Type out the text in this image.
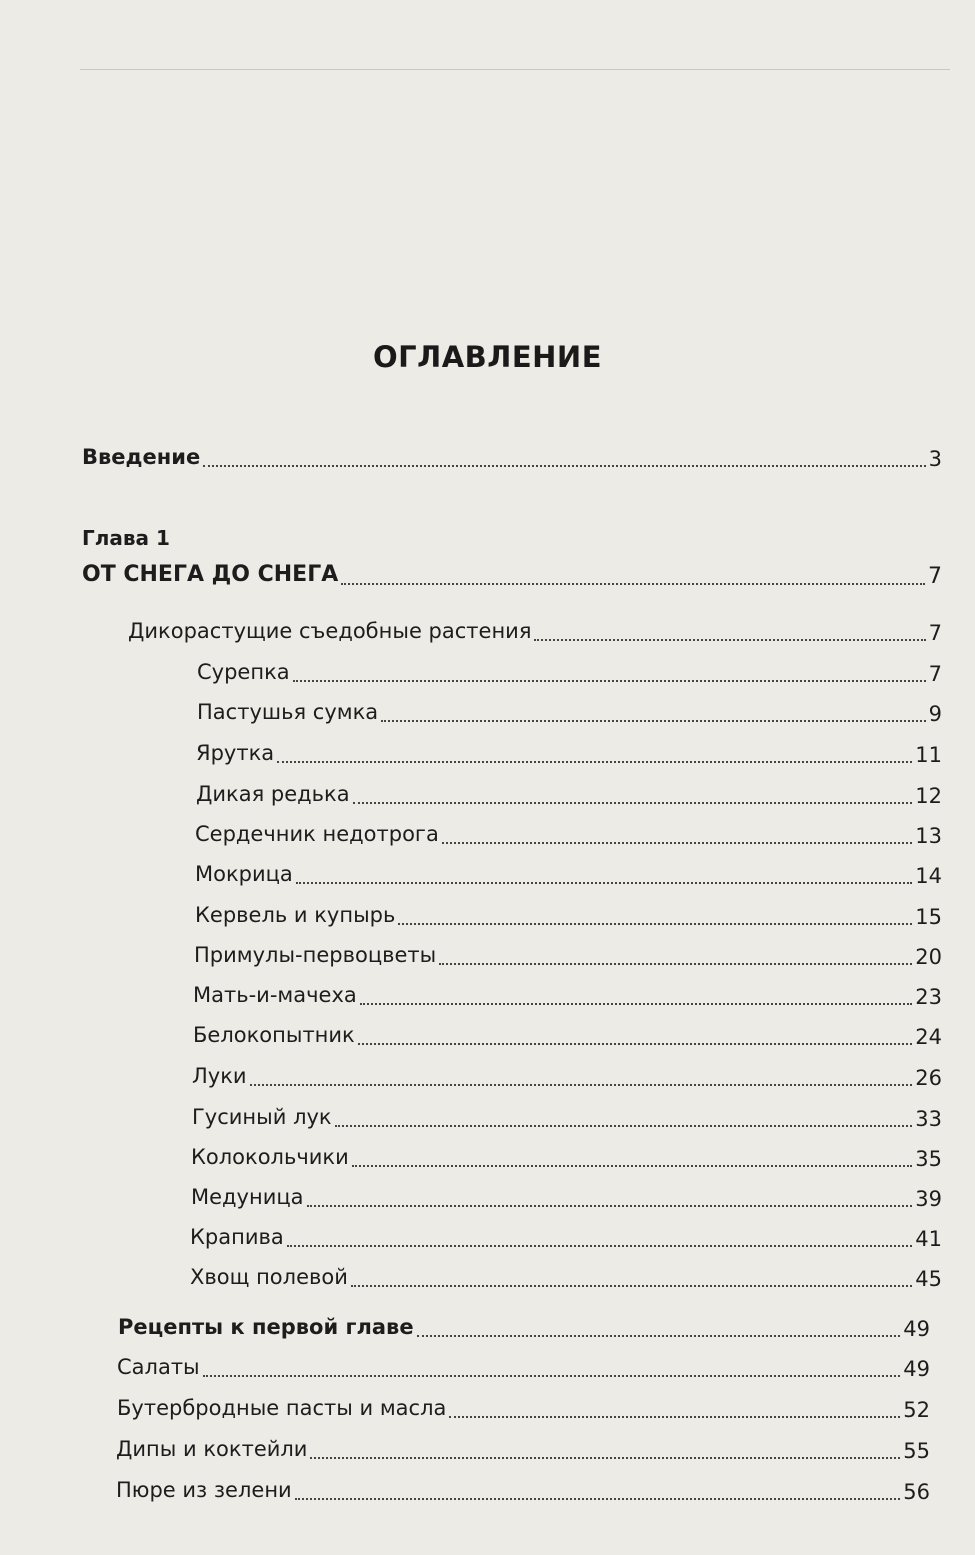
ОГЛАВЛЕНИЕ
Введение	3
Глава 1
ОТ СНЕГА ДО СНЕГА	7
Дикорастущие съедобные растения	7
Сурепка	7
Пастушья сумка	9
Ярутка	11
Дикая редька	12
Сердечник недотрога	13
Мокрица	14
Кервель и купырь	15
Примулы-первоцветы	20
Мать-и-мачеха	23
Белокопытник	24
Луки	26
Гусиный лук	33
Колокольчики	35
Медуница	39
Крапива	41
Хвощ полевой	45
Рецепты к первой главе	49
Салаты	49
Бутербродные пасты и масла	52
Дипы и коктейли	55
Пюре из зелени	56
